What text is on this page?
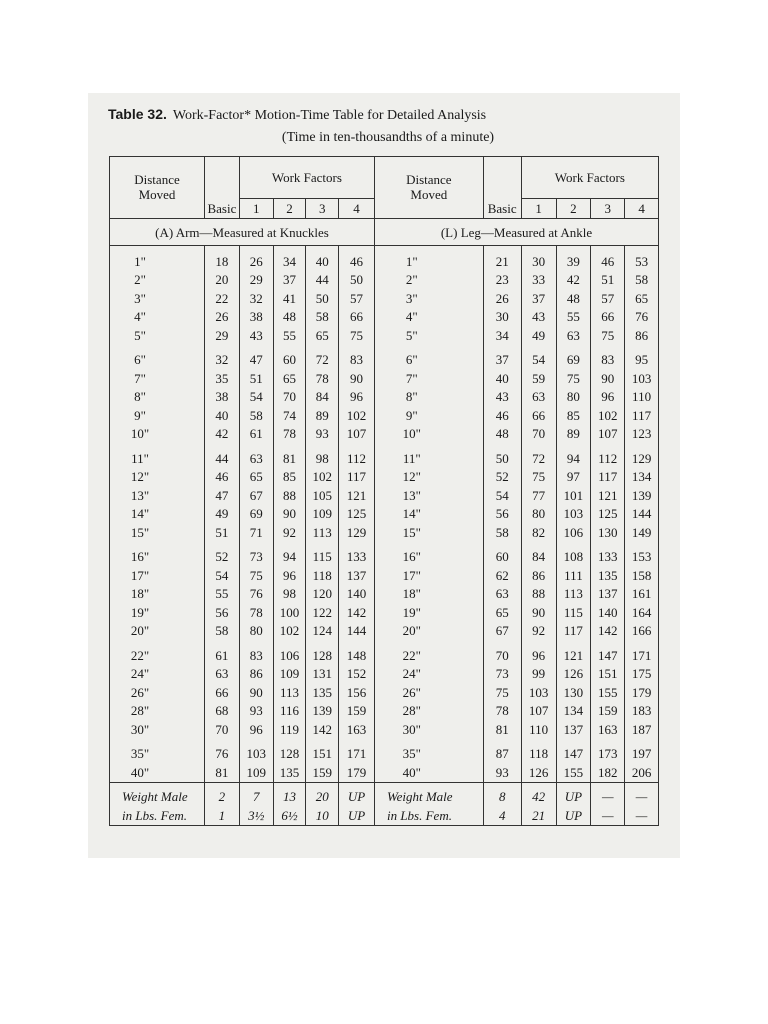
Table 32. Work-Factor* Motion-Time Table for Detailed Analysis
(Time in ten-thousandths of a minute)
Distance Moved		Work Factors				Distance Moved		Work Factors			
	Basic	1	2	3	4		Basic	1	2	3	4
(A) Arm—Measured at Knuckles						(L) Leg—Measured at Ankle					
1"	18	26	34	40	46	1"	21	30	39	46	53
2"	20	29	37	44	50	2"	23	33	42	51	58
3"	22	32	41	50	57	3"	26	37	48	57	65
4"	26	38	48	58	66	4"	30	43	55	66	76
5"	29	43	55	65	75	5"	34	49	63	75	86
6"	32	47	60	72	83	6"	37	54	69	83	95
7"	35	51	65	78	90	7"	40	59	75	90	103
8"	38	54	70	84	96	8"	43	63	80	96	110
9"	40	58	74	89	102	9"	46	66	85	102	117
10"	42	61	78	93	107	10"	48	70	89	107	123
11"	44	63	81	98	112	11"	50	72	94	112	129
12"	46	65	85	102	117	12"	52	75	97	117	134
13"	47	67	88	105	121	13"	54	77	101	121	139
14"	49	69	90	109	125	14"	56	80	103	125	144
15"	51	71	92	113	129	15"	58	82	106	130	149
16"	52	73	94	115	133	16"	60	84	108	133	153
17"	54	75	96	118	137	17"	62	86	111	135	158
18"	55	76	98	120	140	18"	63	88	113	137	161
19"	56	78	100	122	142	19"	65	90	115	140	164
20"	58	80	102	124	144	20"	67	92	117	142	166
22"	61	83	106	128	148	22"	70	96	121	147	171
24"	63	86	109	131	152	24"	73	99	126	151	175
26"	66	90	113	135	156	26"	75	103	130	155	179
28"	68	93	116	139	159	28"	78	107	134	159	183
30"	70	96	119	142	163	30"	81	110	137	163	187
35"	76	103	128	151	171	35"	87	118	147	173	197
40"	81	109	135	159	179	40"	93	126	155	182	206
Weight Male	2	7	13	20	UP	Weight Male	8	42	UP	—	—
in Lbs. Fem.	1	3½	6½	10	UP	in Lbs. Fem.	4	21	UP	—	—
